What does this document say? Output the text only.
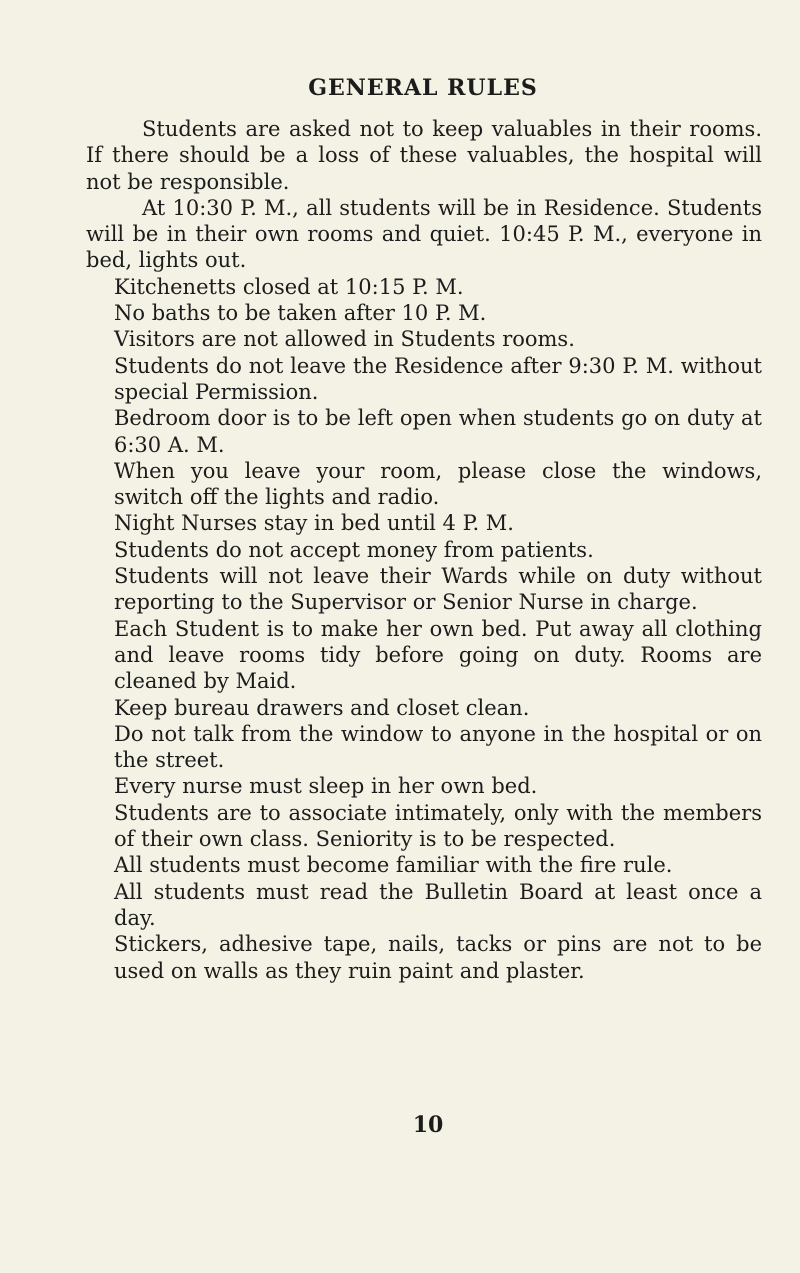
GENERAL RULES

Students are asked not to keep valuables in their rooms. If there should be a loss of these valuables, the hospital will not be responsible.

At 10:30 P. M., all students will be in Residence. Students will be in their own rooms and quiet. 10:45 P. M., everyone in bed, lights out.

Kitchenetts closed at 10:15 P. M.

No baths to be taken after 10 P. M.

Visitors are not allowed in Students rooms.

Students do not leave the Residence after 9:30 P. M. without special Permission.

Bedroom door is to be left open when students go on duty at 6:30 A. M.

When you leave your room, please close the windows, switch off the lights and radio.

Night Nurses stay in bed until 4 P. M.

Students do not accept money from patients.

Students will not leave their Wards while on duty without reporting to the Supervisor or Senior Nurse in charge.

Each Student is to make her own bed. Put away all clothing and leave rooms tidy before going on duty. Rooms are cleaned by Maid.

Keep bureau drawers and closet clean.

Do not talk from the window to anyone in the hospital or on the street.

Every nurse must sleep in her own bed.

Students are to associate intimately, only with the members of their own class. Seniority is to be respected.

All students must become familiar with the fire rule.

All students must read the Bulletin Board at least once a day.

Stickers, adhesive tape, nails, tacks or pins are not to be used on walls as they ruin paint and plaster.

10
